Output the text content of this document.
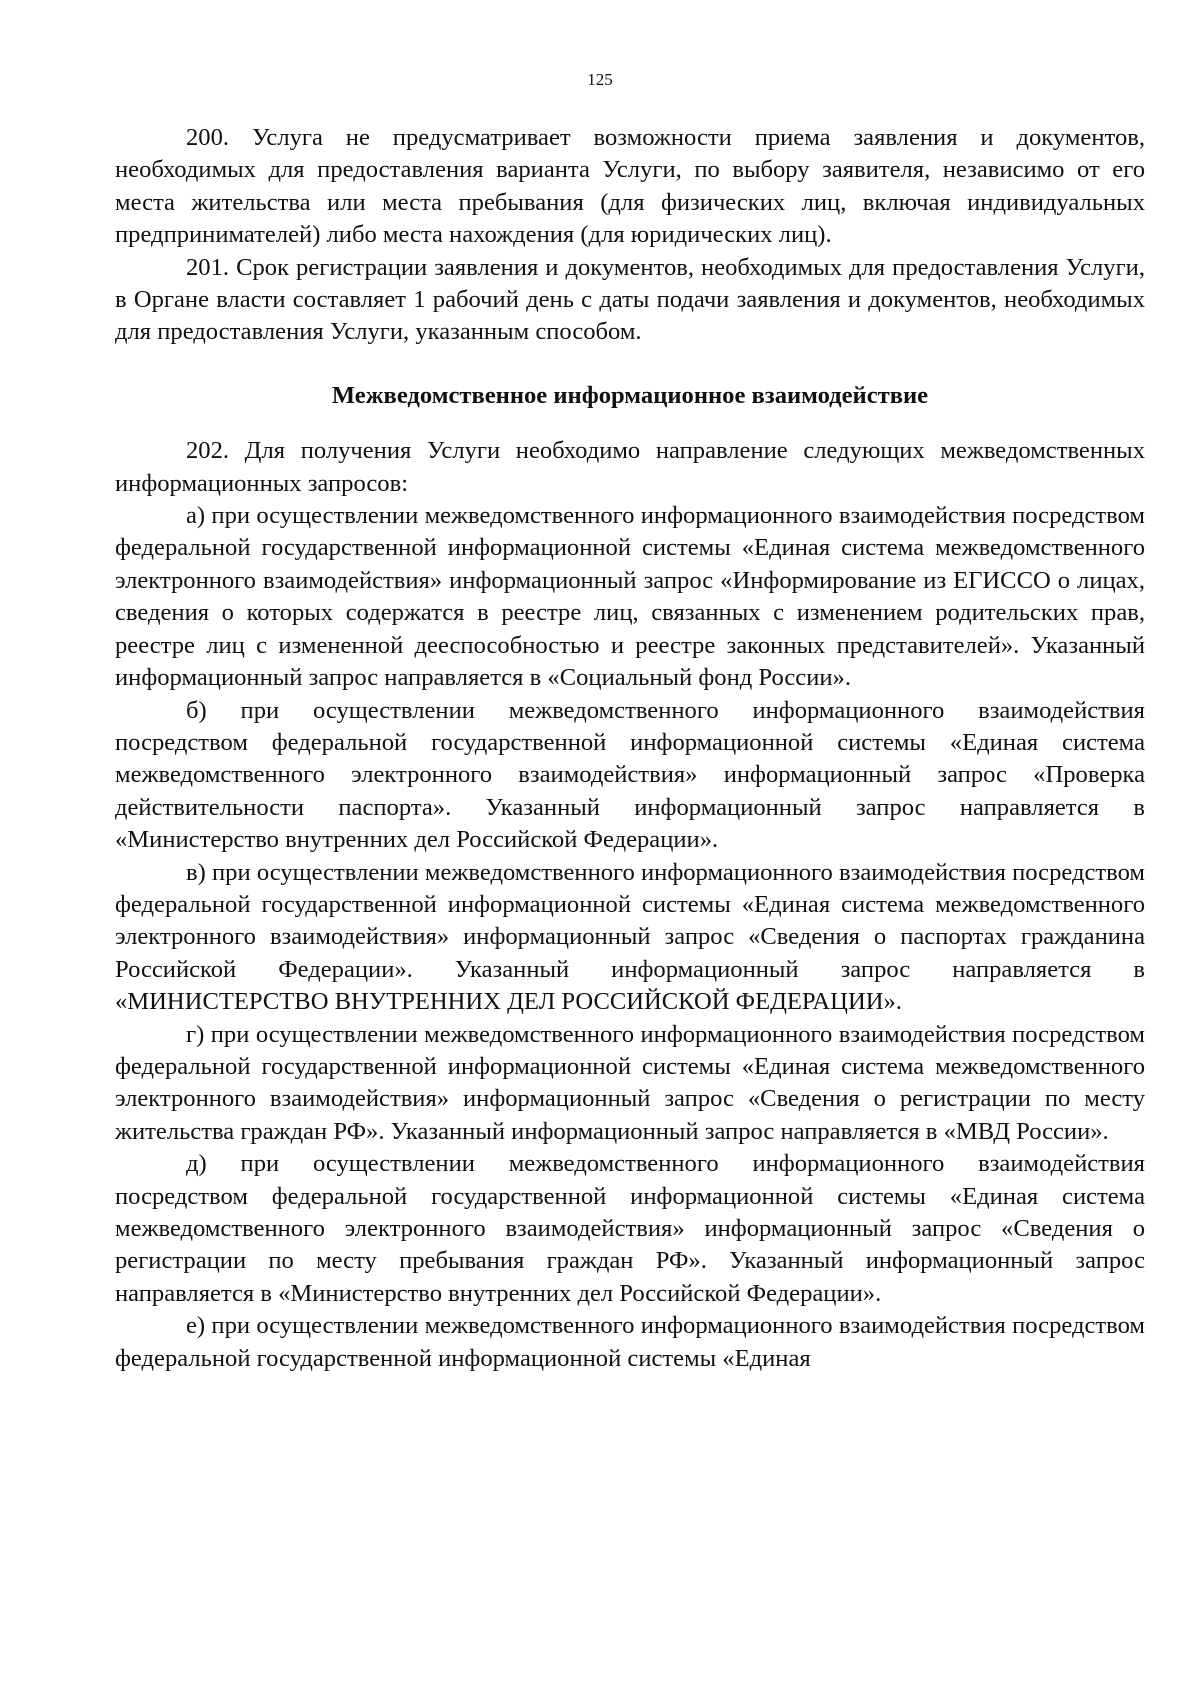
125

200. Услуга не предусматривает возможности приема заявления и документов, необходимых для предоставления варианта Услуги, по выбору заявителя, независимо от его места жительства или места пребывания (для физических лиц, включая индивидуальных предпринимателей) либо места нахождения (для юридических лиц).

201. Срок регистрации заявления и документов, необходимых для предоставления Услуги, в Органе власти составляет 1 рабочий день с даты подачи заявления и документов, необходимых для предоставления Услуги, указанным способом.

Межведомственное информационное взаимодействие

202. Для получения Услуги необходимо направление следующих межведомственных информационных запросов:

а) при осуществлении межведомственного информационного взаимодействия посредством федеральной государственной информационной системы «Единая система межведомственного электронного взаимодействия» информационный запрос «Информирование из ЕГИССО о лицах, сведения о которых содержатся в реестре лиц, связанных с изменением родительских прав, реестре лиц с измененной дееспособностью и реестре законных представителей». Указанный информационный запрос направляется в «Социальный фонд России».

б) при осуществлении межведомственного информационного взаимодействия посредством федеральной государственной информационной системы «Единая система межведомственного электронного взаимодействия» информационный запрос «Проверка действительности паспорта». Указанный информационный запрос направляется в «Министерство внутренних дел Российской Федерации».

в) при осуществлении межведомственного информационного взаимодействия посредством федеральной государственной информационной системы «Единая система межведомственного электронного взаимодействия» информационный запрос «Сведения о паспортах гражданина Российской Федерации». Указанный информационный запрос направляется в «МИНИСТЕРСТВО ВНУТРЕННИХ ДЕЛ РОССИЙСКОЙ ФЕДЕРАЦИИ».

г) при осуществлении межведомственного информационного взаимодействия посредством федеральной государственной информационной системы «Единая система межведомственного электронного взаимодействия» информационный запрос «Сведения о регистрации по месту жительства граждан РФ». Указанный информационный запрос направляется в «МВД России».

д) при осуществлении межведомственного информационного взаимодействия посредством федеральной государственной информационной системы «Единая система межведомственного электронного взаимодействия» информационный запрос «Сведения о регистрации по месту пребывания граждан РФ». Указанный информационный запрос направляется в «Министерство внутренних дел Российской Федерации».

е) при осуществлении межведомственного информационного взаимодействия посредством федеральной государственной информационной системы «Единая
